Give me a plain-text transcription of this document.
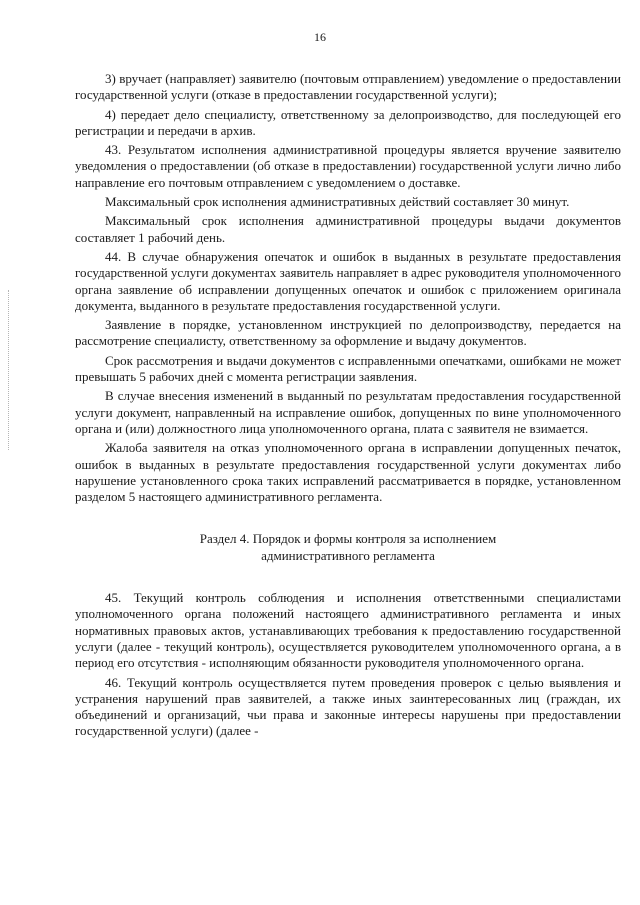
16

3) вручает (направляет) заявителю (почтовым отправлением) уведомление о предоставлении государственной услуги (отказе в предоставлении государственной услуги);

4) передает дело специалисту, ответственному за делопроизводство, для последующей его регистрации и передачи в архив.

43. Результатом исполнения административной процедуры является вручение заявителю уведомления о предоставлении (об отказе в предоставлении) государственной услуги лично либо направление его почтовым отправлением с уведомлением о доставке.

Максимальный срок исполнения административных действий составляет 30 минут.

Максимальный срок исполнения административной процедуры выдачи документов составляет 1 рабочий день.

44. В случае обнаружения опечаток и ошибок в выданных в результате предоставления государственной услуги документах заявитель направляет в адрес руководителя уполномоченного органа заявление об исправлении допущенных опечаток и ошибок с приложением оригинала документа, выданного в результате предоставления государственной услуги.

Заявление в порядке, установленном инструкцией по делопроизводству, передается на рассмотрение специалисту, ответственному за оформление и выдачу документов.

Срок рассмотрения и выдачи документов с исправленными опечатками, ошибками не может превышать 5 рабочих дней с момента регистрации заявления.

В случае внесения изменений в выданный по результатам предоставления государственной услуги документ, направленный на исправление ошибок, допущенных по вине уполномоченного органа и (или) должностного лица уполномоченного органа, плата с заявителя не взимается.

Жалоба заявителя на отказ уполномоченного органа в исправлении допущенных печаток, ошибок в выданных в результате предоставления государственной услуги документах либо нарушение установленного срока таких исправлений рассматривается в порядке, установленном разделом 5 настоящего административного регламента.

Раздел 4. Порядок и формы контроля за исполнением
административного регламента

45. Текущий контроль соблюдения и исполнения ответственными специалистами уполномоченного органа положений настоящего административного регламента и иных нормативных правовых актов, устанавливающих требования к предоставлению государственной услуги (далее - текущий контроль), осуществляется руководителем уполномоченного органа, а в период его отсутствия - исполняющим обязанности руководителя уполномоченного органа.

46. Текущий контроль осуществляется путем проведения проверок с целью выявления и устранения нарушений прав заявителей, а также иных заинтересованных лиц (граждан, их объединений и организаций, чьи права и законные интересы нарушены при предоставлении государственной услуги) (далее -
